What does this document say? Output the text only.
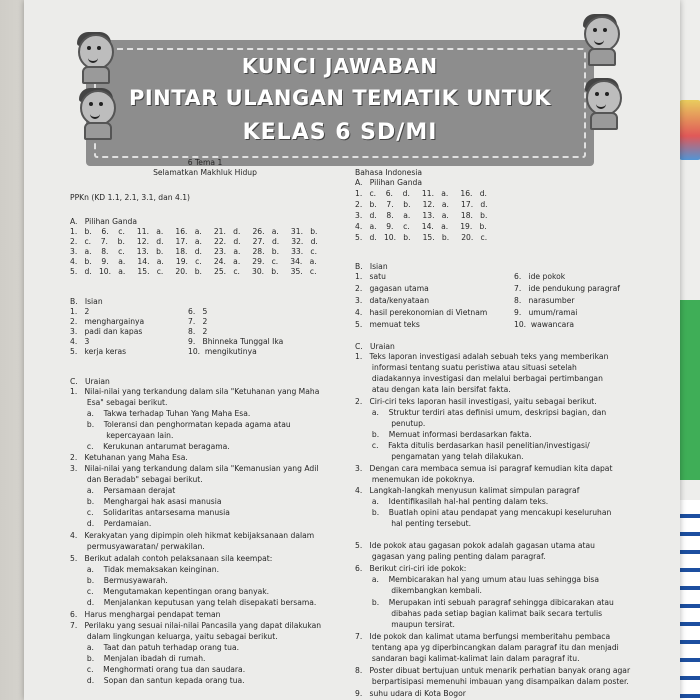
KUNCI JAWABAN
PINTAR ULANGAN TEMATIK UNTUK
KELAS 6 SD/MI
6 Tema 1
Selamatkan Makhluk Hidup
PPKn (KD 1.1, 2.1, 3.1, dan 4.1)
A.   Pilihan Ganda
1.   b.    6.    c.     11.   a.     16.   a.     21.   d.     26.   a.     31.   b.
2.   c.    7.    b.     12.   d.     17.   a.     22.   d.     27.   d.     32.   d.
3.   a.    8.    c.     13.   b.     18.   d.     23.   a.     28.   b.     33.   c.
4.   b.    9.    a.     14.   a.     19.   c.     24.   a.     29.   c.     34.   a.
5.   d.   10.   a.     15.   c.     20.   b.     25.   c.     30.   b.     35.   c.
B.   Isian
1.   2
2.   menghargainya
3.   padi dan kapas
4.   3
5.   kerja keras
6.   5
7.   2
8.   2
9.   Bhinneka Tunggal Ika
10.  mengikutinya
C.   Uraian
1.   Nilai-nilai yang terkandung dalam sila "Ketuhanan yang Maha
Esa" sebagai berikut.
a.    Takwa terhadap Tuhan Yang Maha Esa.
b.    Toleransi dan penghormatan kepada agama atau
kepercayaan lain.
c.    Kerukunan antarumat beragama.
2.   Ketuhanan yang Maha Esa.
3.   Nilai-nilai yang terkandung dalam sila "Kemanusian yang Adil
dan Beradab" sebagai berikut.
a.    Persamaan derajat
b.    Menghargai hak asasi manusia
c.    Solidaritas antarsesama manusia
d.    Perdamaian.
4.   Kerakyatan yang dipimpin oleh hikmat kebijaksanaan dalam
permusyawaratan/ perwakilan.
5.   Berikut adalah contoh pelaksanaan sila keempat:
a.    Tidak memaksakan keinginan.
b.    Bermusyawarah.
c.    Mengutamakan kepentingan orang banyak.
d.    Menjalankan keputusan yang telah disepakati bersama.
6.   Harus menghargai pendapat teman
7.   Perilaku yang sesuai nilai-nilai Pancasila yang dapat dilakukan
dalam lingkungan keluarga, yaitu sebagai berikut.
a.    Taat dan patuh terhadap orang tua.
b.    Menjalan ibadah di rumah.
c.    Menghormati orang tua dan saudara.
d.    Sopan dan santun kepada orang tua.
Bahasa Indonesia
A.   Pilihan Ganda
1.   c.    6.    d.     11.   a.     16.   d.
2.   b.    7.    b.     12.   a.     17.   d.
3.   d.    8.    a.     13.   a.     18.   b.
4.   a.    9.    c.     14.   a.     19.   b.
5.   d.   10.   b.     15.   b.     20.   c.
B.   Isian
1.   satu
2.   gagasan utama
3.   data/kenyataan
4.   hasil perekonomian di Vietnam
5.   memuat teks
6.   ide pokok
7.   ide pendukung paragraf
8.   narasumber
9.   umum/ramai
10.  wawancara
C.   Uraian
1.   Teks laporan investigasi adalah sebuah teks yang memberikan
informasi tentang suatu peristiwa atau situasi setelah
diadakannya investigasi dan melalui berbagai pertimbangan
atau dengan kata lain bersifat fakta.
2.   Ciri-ciri teks laporan hasil investigasi, yaitu sebagai berikut.
a.    Struktur terdiri atas definisi umum, deskripsi bagian, dan
penutup.
b.    Memuat informasi berdasarkan fakta.
c.    Fakta ditulis berdasarkan hasil penelitian/investigasi/
pengamatan yang telah dilakukan.
3.   Dengan cara membaca semua isi paragraf kemudian kita dapat
menemukan ide pokoknya.
4.   Langkah-langkah menyusun kalimat simpulan paragraf
a.    Identifikasilah hal-hal penting dalam teks.
b.    Buatlah opini atau pendapat yang mencakupi keseluruhan
hal penting tersebut.
5.   Ide pokok atau gagasan pokok adalah gagasan utama atau
gagasan yang paling penting dalam paragraf.
6.   Berikut ciri-ciri ide pokok:
a.    Membicarakan hal yang umum atau luas sehingga bisa
dikembangkan kembali.
b.    Merupakan inti sebuah paragraf sehingga dibicarakan atau
dibahas pada setiap bagian kalimat baik secara tertulis
maupun tersirat.
7.   Ide pokok dan kalimat utama berfungsi memberitahu pembaca
tentang apa yg diperbincangkan dalam paragraf itu dan menjadi
sandaran bagi kalimat-kalimat lain dalam paragraf itu.
8.   Poster dibuat bertujuan untuk menarik perhatian banyak orang agar
berpartisipasi memenuhi imbauan yang disampaikan dalam poster.
9.   suhu udara di Kota Bogor
